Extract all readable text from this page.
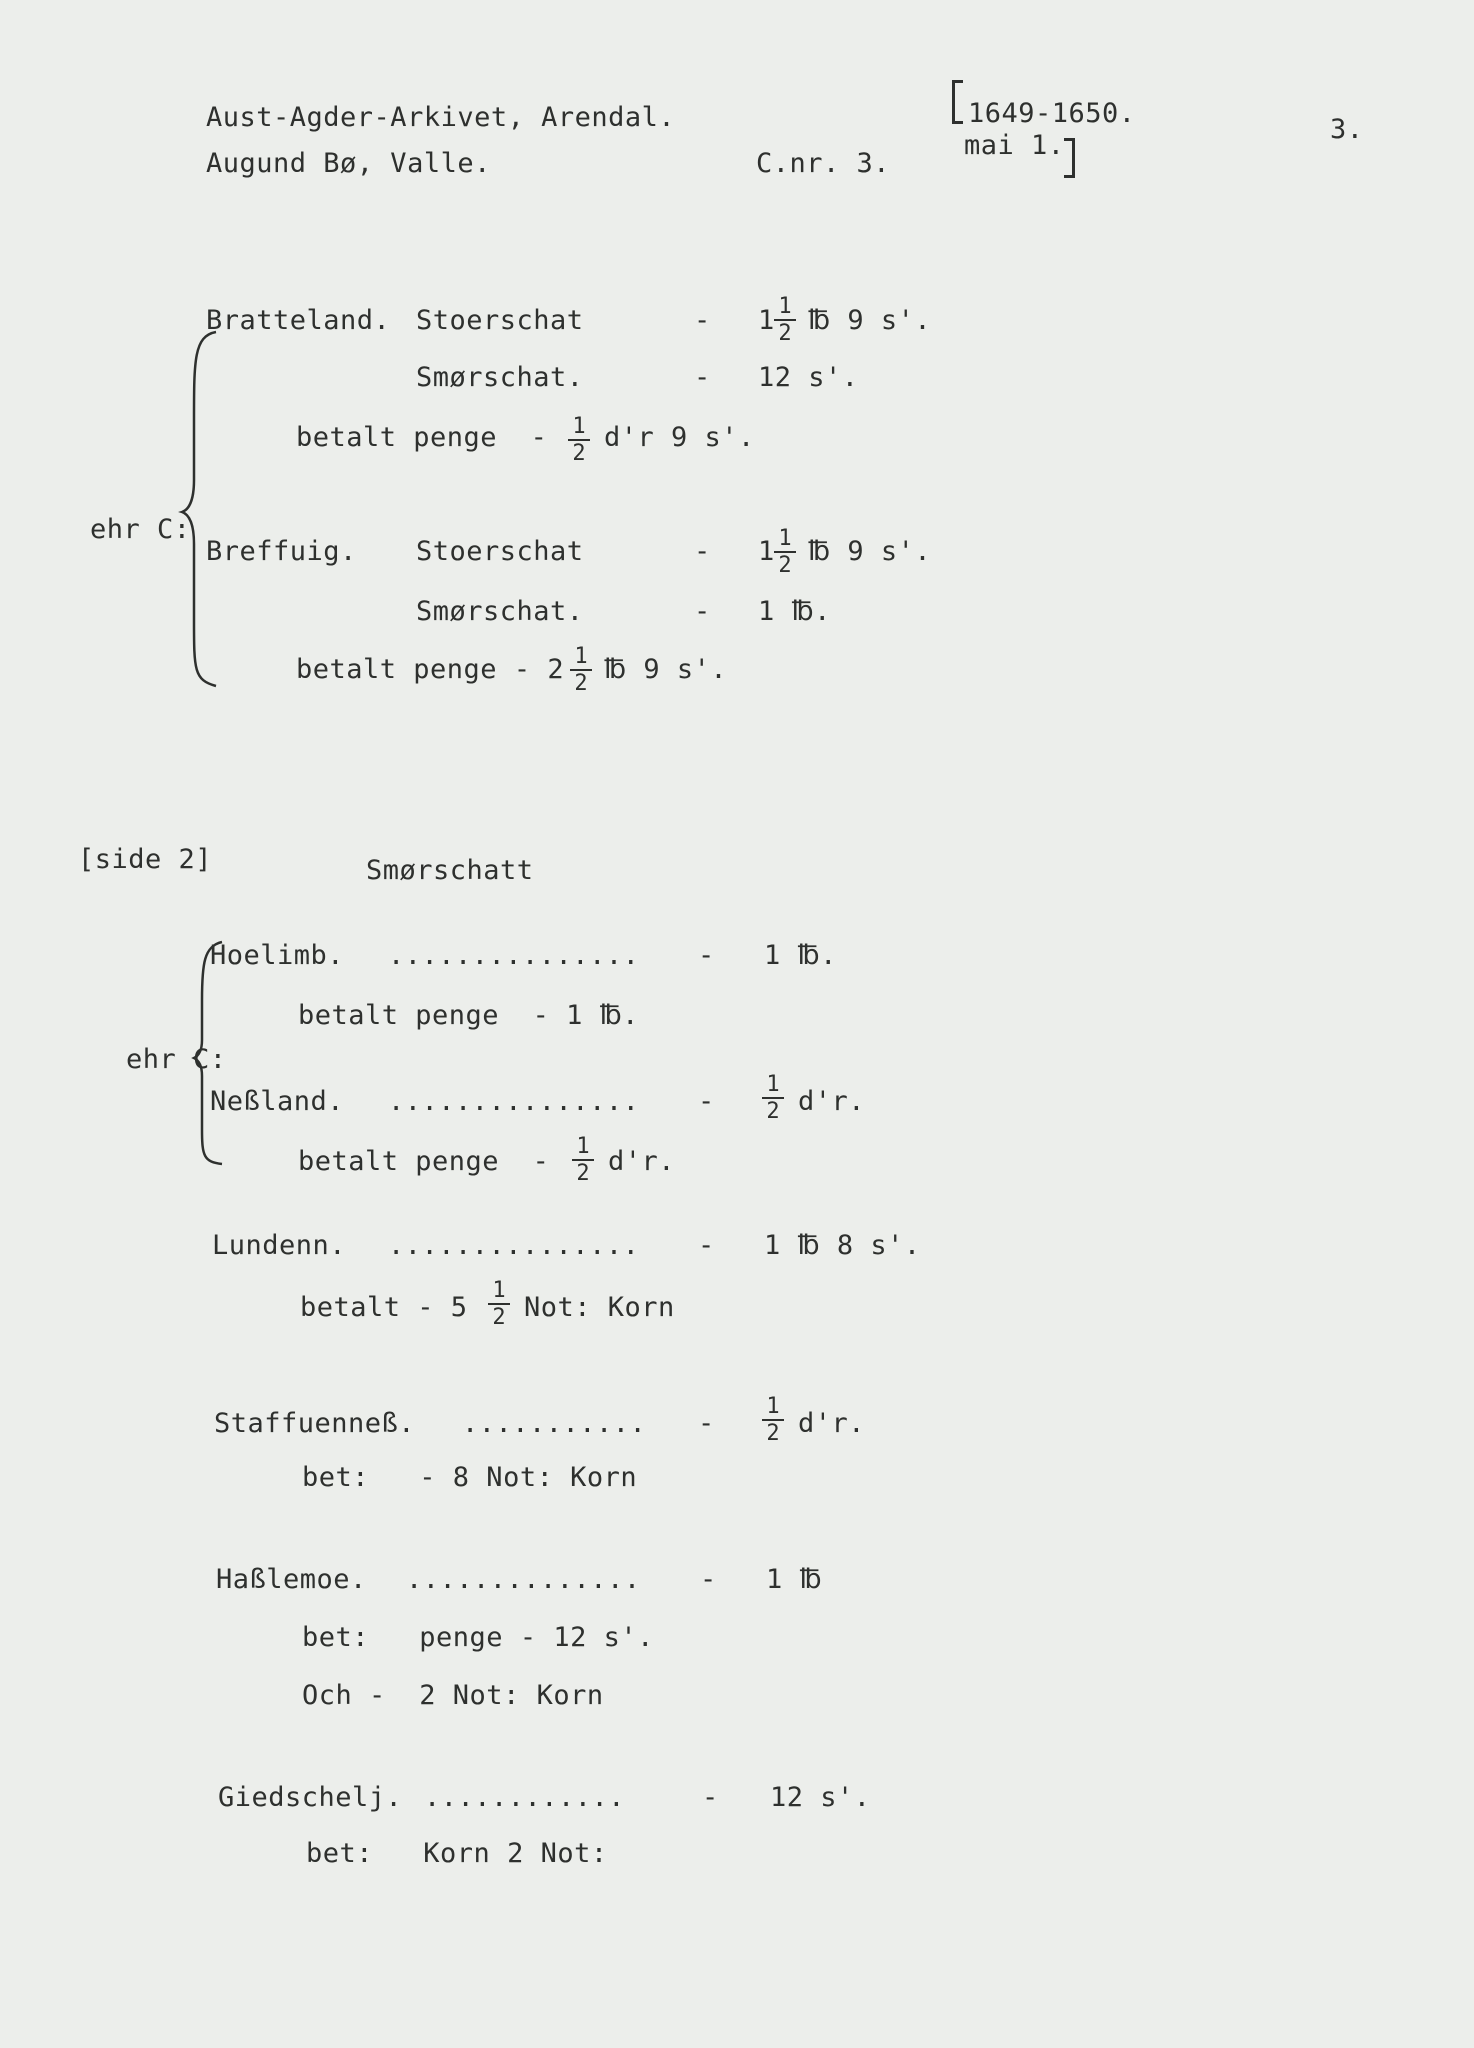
Aust-Agder-Arkivet, Arendal.
Augund Bø, Valle.	C.nr. 3.
1649-1650.
mai 1.
3.
ehr C:
Bratteland. Stoerschat	- $1 \frac{1}{2}$ ℔ 9 s'.
Smørschat.	- 12 s'.
betalt penge  - $\frac{1}{2} d'r$ 9 s'.
Breffuig. Stoerschat	- $1 \frac{1}{2}$ ℔ 9 s'.
Smørschat.	- 1 ℔.
betalt penge - $2 \frac{1}{2}$ ℔ 9 s'.
[side 2]	Smørschatt
ehr C:
Hoelimb. ............... - 1 ℔.
betalt penge  - 1 ℔.
Neßland. ............... - $\frac{1}{2} d'r$.
betalt penge  - $\frac{1}{2} d'r$.
Lundenn. ............... - 1 ℔ 8 s'.
betalt - $5 \frac{1}{2}$ Not: Korn
Staffuenneß. ........... - $\frac{1}{2} d'r$.
bet:   - 8 Not: Korn
Haßlemoe. .............. - 1 ℔
bet:   penge - 12 s'.
Och -  2 Not: Korn
Giedschelj. ............	- 12 s'.
bet:   Korn 2 Not:
